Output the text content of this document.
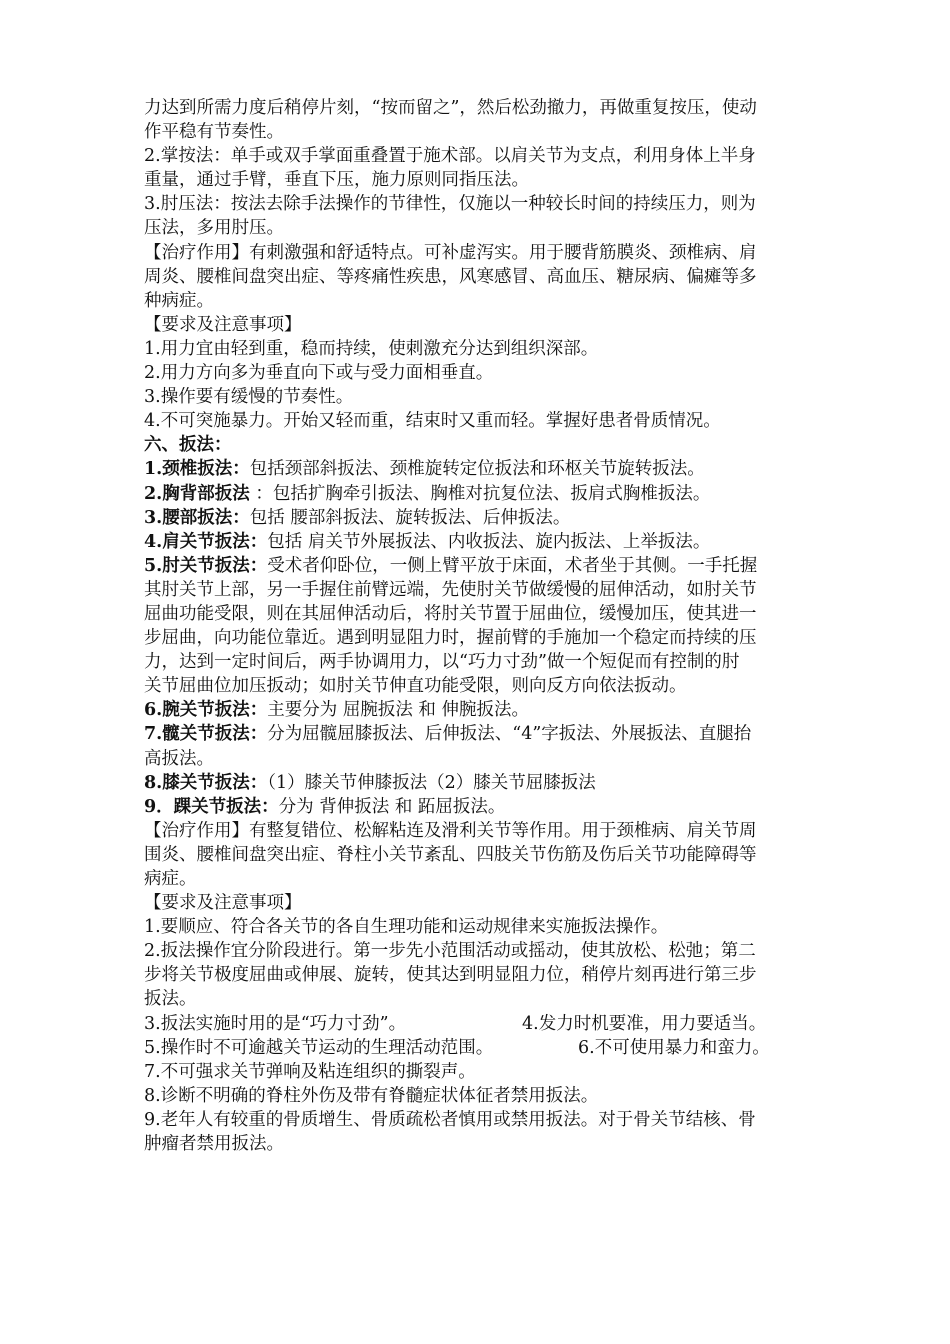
力达到所需力度后稍停片刻，“按而留之”，然后松劲撤力，再做重复按压，使动
作平稳有节奏性。
2.掌按法：单手或双手掌面重叠置于施术部。以肩关节为支点，利用身体上半身
重量，通过手臂，垂直下压，施力原则同指压法。
3.肘压法：按法去除手法操作的节律性，仅施以一种较长时间的持续压力，则为
压法，多用肘压。
【治疗作用】有刺激强和舒适特点。可补虚泻实。用于腰背筋膜炎、颈椎病、肩
周炎、腰椎间盘突出症、等疼痛性疾患，风寒感冒、高血压、糖尿病、偏瘫等多
种病症。
【要求及注意事项】
1.用力宜由轻到重，稳而持续，使刺激充分达到组织深部。
2.用力方向多为垂直向下或与受力面相垂直。
3.操作要有缓慢的节奏性。
4.不可突施暴力。开始又轻而重，结束时又重而轻。掌握好患者骨质情况。
六、扳法：
1.颈椎扳法：包括颈部斜扳法、颈椎旋转定位扳法和环枢关节旋转扳法。
2.胸背部扳法 ：包括扩胸牵引扳法、胸椎对抗复位法、扳肩式胸椎扳法。
3.腰部扳法：包括 腰部斜扳法、旋转扳法、后伸扳法。
4.肩关节扳法：包括 肩关节外展扳法、内收扳法、旋内扳法、上举扳法。
5.肘关节扳法：受术者仰卧位，一侧上臂平放于床面，术者坐于其侧。一手托握
其肘关节上部，另一手握住前臂远端，先使肘关节做缓慢的屈伸活动，如肘关节
屈曲功能受限，则在其屈伸活动后，将肘关节置于屈曲位，缓慢加压，使其进一
步屈曲，向功能位靠近。遇到明显阻力时，握前臂的手施加一个稳定而持续的压
力，达到一定时间后，两手协调用力，以“巧力寸劲”做一个短促而有控制的肘
关节屈曲位加压扳动；如肘关节伸直功能受限，则向反方向依法扳动。
6.腕关节扳法：主要分为 屈腕扳法 和 伸腕扳法。
7.髋关节扳法：分为屈髋屈膝扳法、后伸扳法、“4”字扳法、外展扳法、直腿抬
高扳法。
8.膝关节扳法：（1）膝关节伸膝扳法（2）膝关节屈膝扳法
9．踝关节扳法：分为 背伸扳法 和 跖屈扳法。
【治疗作用】有整复错位、松解粘连及滑利关节等作用。用于颈椎病、肩关节周
围炎、腰椎间盘突出症、脊柱小关节紊乱、四肢关节伤筋及伤后关节功能障碍等
病症。
【要求及注意事项】
1.要顺应、符合各关节的各自生理功能和运动规律来实施扳法操作。
2.扳法操作宜分阶段进行。第一步先小范围活动或摇动，使其放松、松弛；第二
步将关节极度屈曲或伸展、旋转，使其达到明显阻力位，稍停片刻再进行第三步
扳法。
3.扳法实施时用的是“巧力寸劲”。	4.发力时机要准，用力要适当。
5.操作时不可逾越关节运动的生理活动范围。	6.不可使用暴力和蛮力。
7.不可强求关节弹响及粘连组织的撕裂声。
8.诊断不明确的脊柱外伤及带有脊髓症状体征者禁用扳法。
9.老年人有较重的骨质增生、骨质疏松者慎用或禁用扳法。对于骨关节结核、骨
肿瘤者禁用扳法。
